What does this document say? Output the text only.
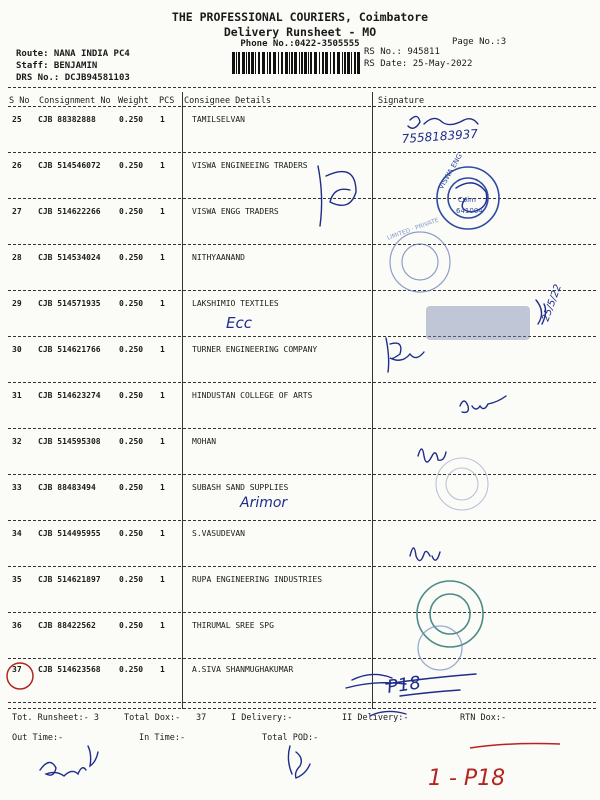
THE PROFESSIONAL COURIERS, Coimbatore
Delivery Runsheet - MO
Phone No.:0422-3505555	Page No.:3
Route: NANA INDIA PC4
Staff: BENJAMIN
DRS No.: DCJB94581103
RS No.: 945811
RS Date: 25-May-2022
S No Consignment No Weight PCS Consignee Details	Signature
25 CJB 88382888	0.250 1	TAMILSELVAN
26 CJB 514546072 0.250 1	VISWA ENGINEEING TRADERS
27 CJB 514622266 0.250 1	VISWA ENGG TRADERS
28 CJB 514534024 0.250 1	NITHYAANAND
29 CJB 514571935 0.250 1	LAKSHIMIO TEXTILES
30 CJB 514621766 0.250 1	TURNER ENGINEERING COMPANY
31 CJB 514623274 0.250 1	HINDUSTAN COLLEGE OF ARTS
32 CJB 514595308 0.250 1	MOHAN
33 CJB 88483494	0.250 1	SUBASH SAND SUPPLIES
34 CJB 514495955 0.250 1	S.VASUDEVAN
35 CJB 514621897 0.250 1	RUPA ENGINEERING INDUSTRIES
36 CJB 88422562	0.250 1	THIRUMAL SREE SPG
37 CJB 514623568 0.250 1	A.SIVA SHANMUGHAKUMAR
Tot. Runsheet:- 3	Total Dox:- 37	I Delivery:-	II Delivery:-	RTN Dox:-
Out Time:-	In Time:-	Total POD:-
7558183937
Ecc	25/5/22
Arimor
P18
1 - P18
VISWA ENG
Coim
641004
LIMITED · PRIVATE
